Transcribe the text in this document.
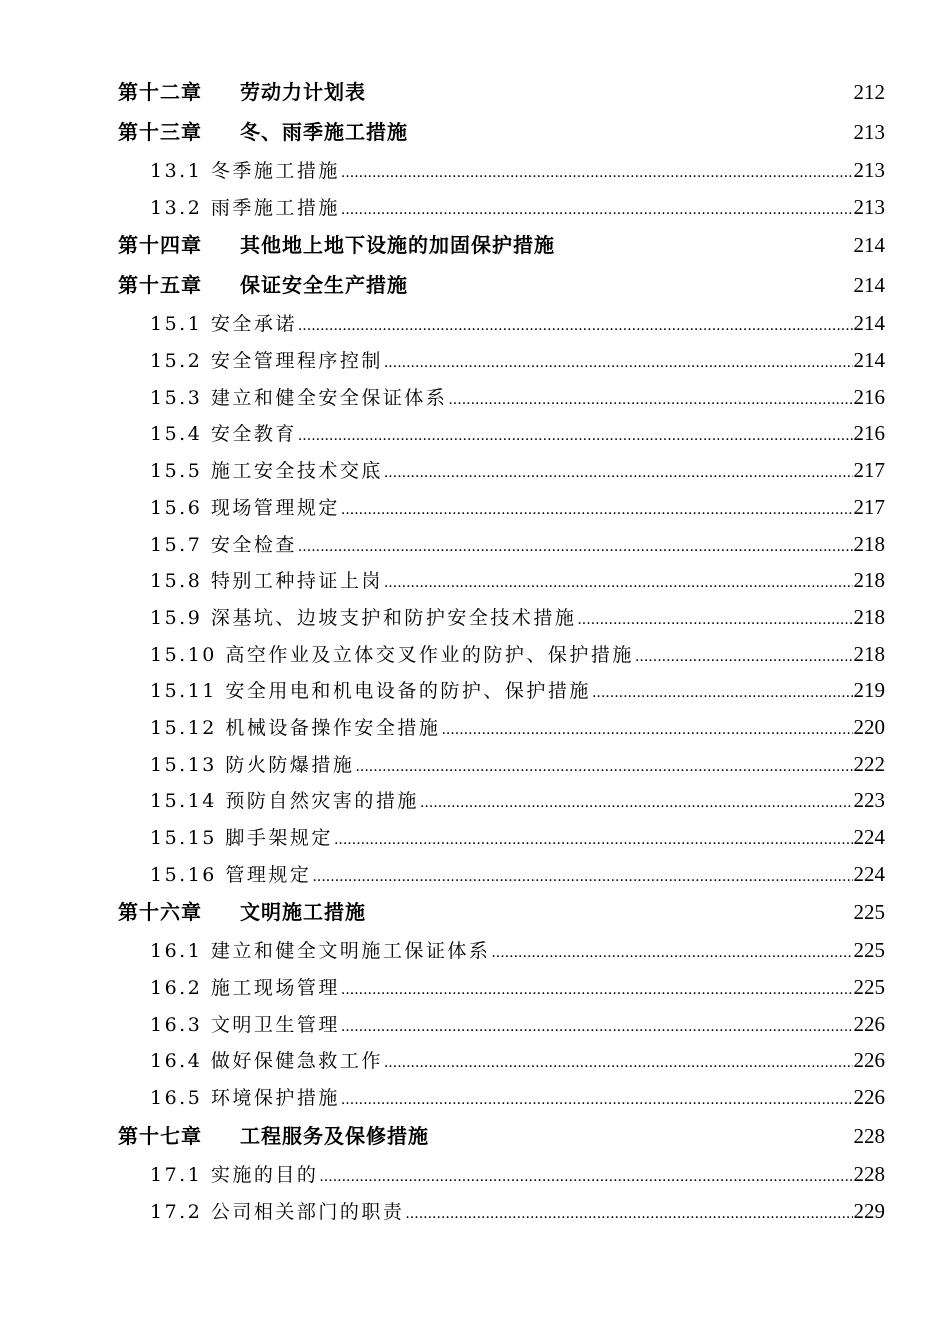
第十二章	劳动力计划表	212
第十三章	冬、雨季施工措施	213
13.1 冬季施工措施 .....	213
13.2 雨季施工措施 .....	213
第十四章	其他地上地下设施的加固保护措施	214
第十五章	保证安全生产措施	214
15.1 安全承诺 .....	214
15.2 安全管理程序控制 .....	214
15.3 建立和健全安全保证体系 .....	216
15.4 安全教育 .....	216
15.5 施工安全技术交底 .....	217
15.6 现场管理规定 .....	217
15.7 安全检查 .....	218
15.8 特别工种持证上岗 .....	218
15.9 深基坑、边坡支护和防护安全技术措施 .....	218
15.10 高空作业及立体交叉作业的防护、保护措施 .....	218
15.11 安全用电和机电设备的防护、保护措施 .....	219
15.12 机械设备操作安全措施 .....	220
15.13 防火防爆措施 .....	222
15.14 预防自然灾害的措施 .....	223
15.15 脚手架规定 .....	224
15.16 管理规定 .....	224
第十六章	文明施工措施	225
16.1 建立和健全文明施工保证体系 .....	225
16.2 施工现场管理 .....	225
16.3 文明卫生管理 .....	226
16.4 做好保健急救工作 .....	226
16.5 环境保护措施 .....	226
第十七章	工程服务及保修措施	228
17.1 实施的目的 .....	228
17.2 公司相关部门的职责 .....	229
